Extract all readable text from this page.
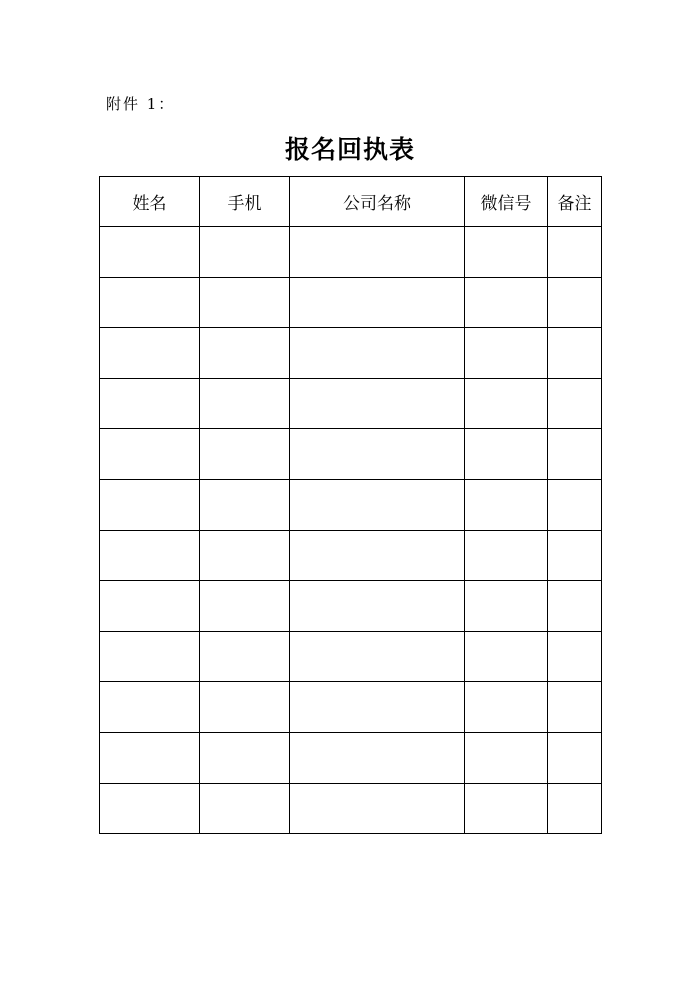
附件 1：
报名回执表
姓名	手机	公司名称	微信号	备注
